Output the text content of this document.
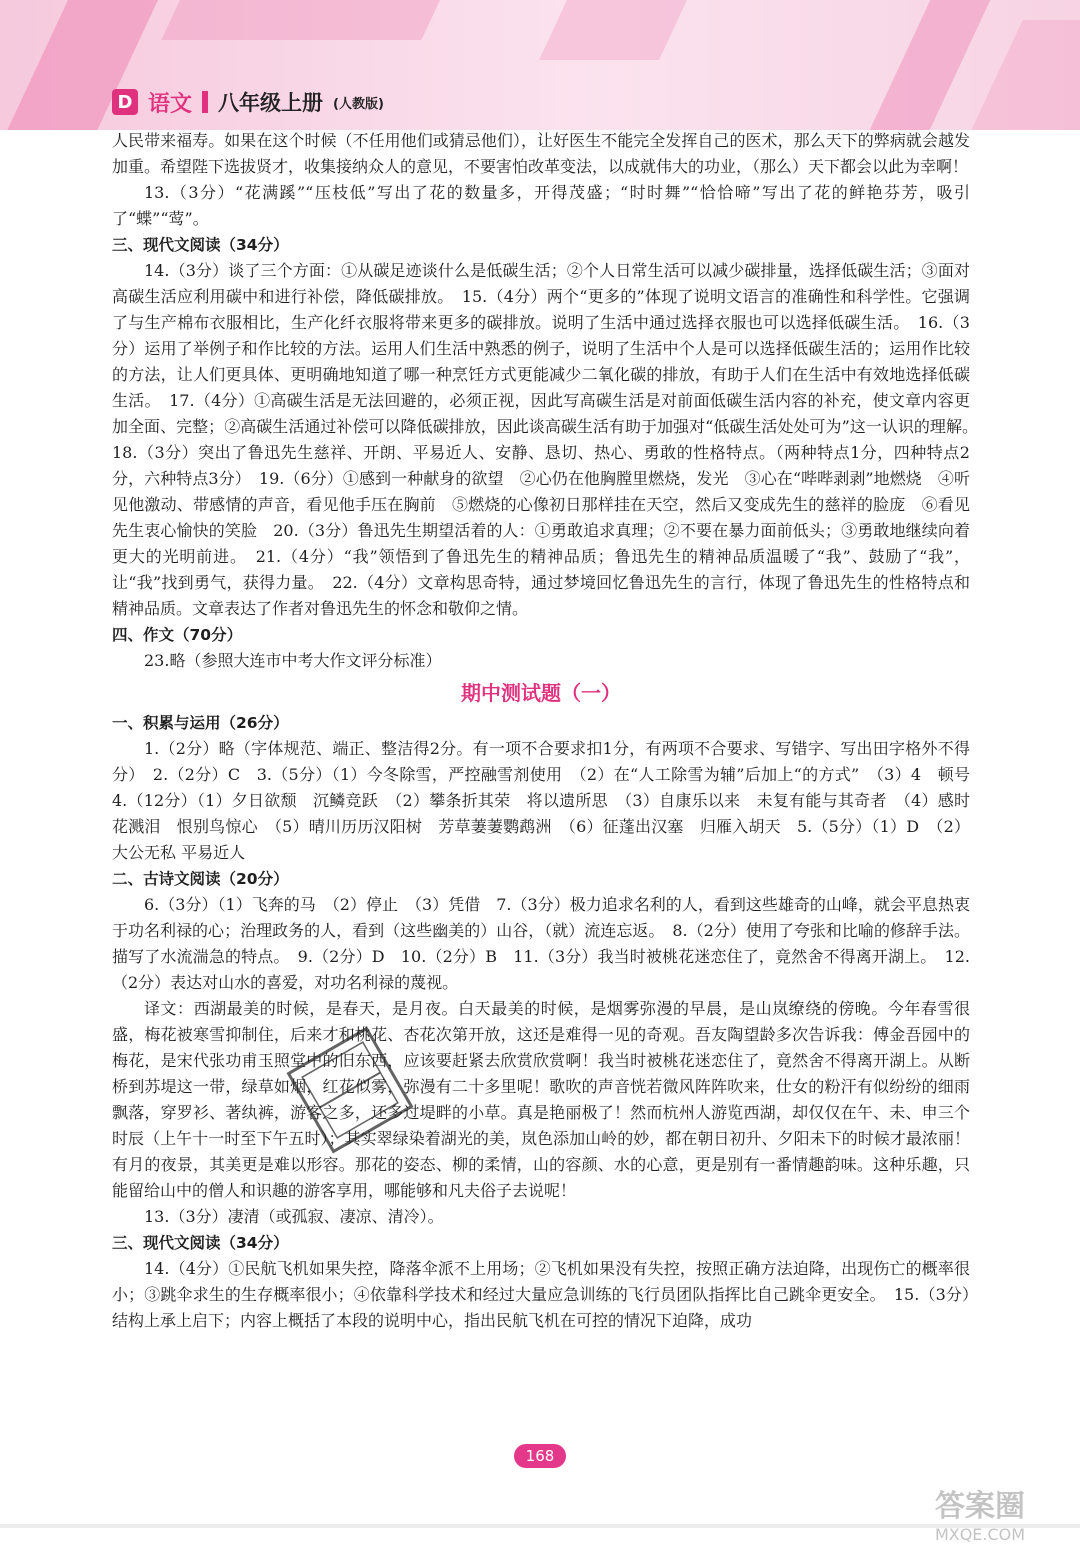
D 语文 八年级上册 (人教版)

人民带来福寿。如果在这个时候（不任用他们或猜忌他们），让好医生不能完全发挥自己的医术，那么天下的弊病就会越发加重。希望陛下选拔贤才，收集接纳众人的意见，不要害怕改革变法，以成就伟大的功业，（那么）天下都会以此为幸啊！

13.（3分）“花满蹊”“压枝低”写出了花的数量多，开得茂盛；“时时舞”“恰恰啼”写出了花的鲜艳芬芳，吸引了“蝶”“莺”。

三、现代文阅读（34分）

14.（3分）谈了三个方面：①从碳足迹谈什么是低碳生活；②个人日常生活可以减少碳排量，选择低碳生活；③面对高碳生活应利用碳中和进行补偿，降低碳排放。　15.（4分）两个“更多的”体现了说明文语言的准确性和科学性。它强调了与生产棉布衣服相比，生产化纤衣服将带来更多的碳排放。说明了生活中通过选择衣服也可以选择低碳生活。　16.（3分）运用了举例子和作比较的方法。运用人们生活中熟悉的例子，说明了生活中个人是可以选择低碳生活的；运用作比较的方法，让人们更具体、更明确地知道了哪一种烹饪方式更能减少二氧化碳的排放，有助于人们在生活中有效地选择低碳生活。　17.（4分）①高碳生活是无法回避的，必须正视，因此写高碳生活是对前面低碳生活内容的补充，使文章内容更加全面、完整；②高碳生活通过补偿可以降低碳排放，因此谈高碳生活有助于加强对“低碳生活处处可为”这一认识的理解。　18.（3分）突出了鲁迅先生慈祥、开朗、平易近人、安静、恳切、热心、勇敢的性格特点。（两种特点1分，四种特点2分，六种特点3分）　19.（6分）①感到一种献身的欲望　②心仍在他胸膛里燃烧，发光　③心在“哔哔剥剥”地燃烧　④听见他激动、带感情的声音，看见他手压在胸前　⑤燃烧的心像初日那样挂在天空，然后又变成先生的慈祥的脸庞　⑥看见先生衷心愉快的笑脸　20.（3分）鲁迅先生期望活着的人：①勇敢追求真理；②不要在暴力面前低头；③勇敢地继续向着更大的光明前进。　21.（4分）“我”领悟到了鲁迅先生的精神品质；鲁迅先生的精神品质温暖了“我”、鼓励了“我”，让“我”找到勇气，获得力量。　22.（4分）文章构思奇特，通过梦境回忆鲁迅先生的言行，体现了鲁迅先生的性格特点和精神品质。文章表达了作者对鲁迅先生的怀念和敬仰之情。

四、作文（70分）

23.略（参照大连市中考大作文评分标准）

期中测试题（一）

一、积累与运用（26分）

1.（2分）略（字体规范、端正、整洁得2分。有一项不合要求扣1分，有两项不合要求、写错字、写出田字格外不得分）　2.（2分）C　3.（5分）（1）今冬除雪，严控融雪剂使用　（2）在“人工除雪为辅”后加上“的方式”　（3）4　顿号　4.（12分）（1）夕日欲颓　沉鳞竞跃　（2）攀条折其荣　将以遗所思　（3）自康乐以来　未复有能与其奇者　（4）感时花溅泪　恨别鸟惊心　（5）晴川历历汉阳树　芳草萋萋鹦鹉洲　（6）征蓬出汉塞　归雁入胡天　5.（5分）（1）D　（2）大公无私 平易近人

二、古诗文阅读（20分）

6.（3分）（1）飞奔的马　（2）停止　（3）凭借　7.（3分）极力追求名利的人，看到这些雄奇的山峰，就会平息热衷于功名利禄的心；治理政务的人，看到（这些幽美的）山谷，（就）流连忘返。　8.（2分）使用了夸张和比喻的修辞手法。描写了水流湍急的特点。　9.（2分）D　10.（2分）B　11.（3分）我当时被桃花迷恋住了，竟然舍不得离开湖上。　12.（2分）表达对山水的喜爱，对功名利禄的蔑视。

译文：西湖最美的时候，是春天，是月夜。白天最美的时候，是烟雾弥漫的早晨，是山岚缭绕的傍晚。今年春雪很盛，梅花被寒雪抑制住，后来才和桃花、杏花次第开放，这还是难得一见的奇观。吾友陶望龄多次告诉我：傅金吾园中的梅花，是宋代张功甫玉照堂中的旧东西，应该要赶紧去欣赏欣赏啊！我当时被桃花迷恋住了，竟然舍不得离开湖上。从断桥到苏堤这一带，绿草如烟，红花似雾，弥漫有二十多里呢！歌吹的声音恍若微风阵阵吹来，仕女的粉汗有似纷纷的细雨飘落，穿罗衫、著纨裤，游客之多，还多过堤畔的小草。真是艳丽极了！然而杭州人游览西湖，却仅仅在午、未、申三个时辰（上午十一时至下午五时）；其实翠绿染着湖光的美，岚色添加山岭的妙，都在朝日初升、夕阳未下的时候才最浓丽！有月的夜景，其美更是难以形容。那花的姿态、柳的柔情，山的容颜、水的心意，更是别有一番情趣韵味。这种乐趣，只能留给山中的僧人和识趣的游客享用，哪能够和凡夫俗子去说呢！

13.（3分）凄清（或孤寂、凄凉、清冷）。

三、现代文阅读（34分）

14.（4分）①民航飞机如果失控，降落伞派不上用场；②飞机如果没有失控，按照正确方法迫降，出现伤亡的概率很小；③跳伞求生的生存概率很小；④依靠科学技术和经过大量应急训练的飞行员团队指挥比自己跳伞更安全。　15.（3分）结构上承上启下；内容上概括了本段的说明中心，指出民航飞机在可控的情况下迫降，成功

168
答案圈
MXQE.COM
